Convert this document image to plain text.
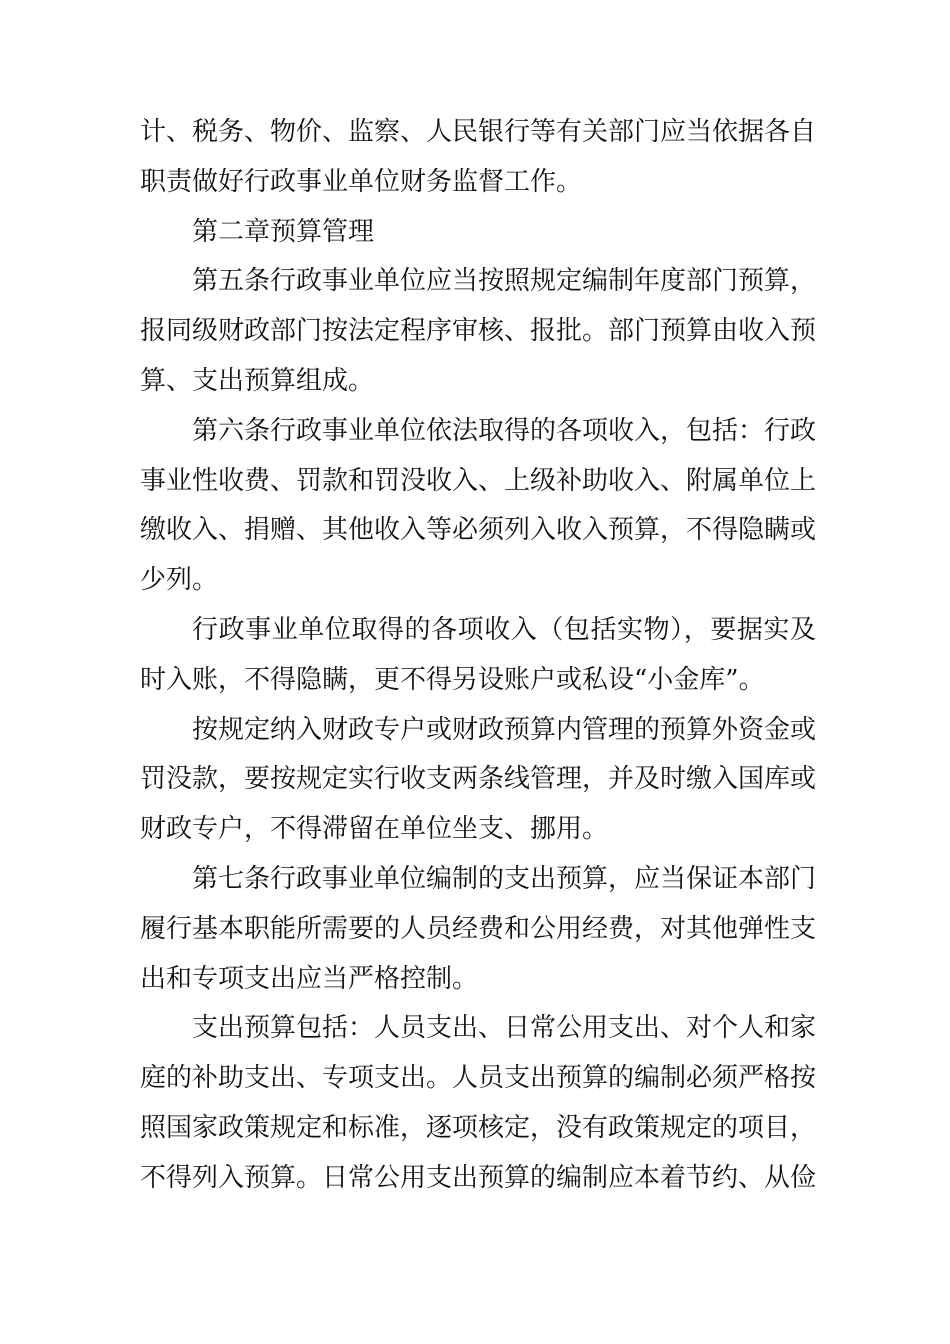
计、税务、物价、监察、人民银行等有关部门应当依据各自
职责做好行政事业单位财务监督工作。
第二章预算管理
第五条行政事业单位应当按照规定编制年度部门预算，
报同级财政部门按法定程序审核、报批。部门预算由收入预
算、支出预算组成。
第六条行政事业单位依法取得的各项收入，包括：行政
事业性收费、罚款和罚没收入、上级补助收入、附属单位上
缴收入、捐赠、其他收入等必须列入收入预算，不得隐瞒或
少列。
行政事业单位取得的各项收入（包括实物），要据实及
时入账，不得隐瞒，更不得另设账户或私设“小金库”。
按规定纳入财政专户或财政预算内管理的预算外资金或
罚没款，要按规定实行收支两条线管理，并及时缴入国库或
财政专户，不得滞留在单位坐支、挪用。
第七条行政事业单位编制的支出预算，应当保证本部门
履行基本职能所需要的人员经费和公用经费，对其他弹性支
出和专项支出应当严格控制。
支出预算包括：人员支出、日常公用支出、对个人和家
庭的补助支出、专项支出。人员支出预算的编制必须严格按
照国家政策规定和标准，逐项核定，没有政策规定的项目，
不得列入预算。日常公用支出预算的编制应本着节约、从俭
